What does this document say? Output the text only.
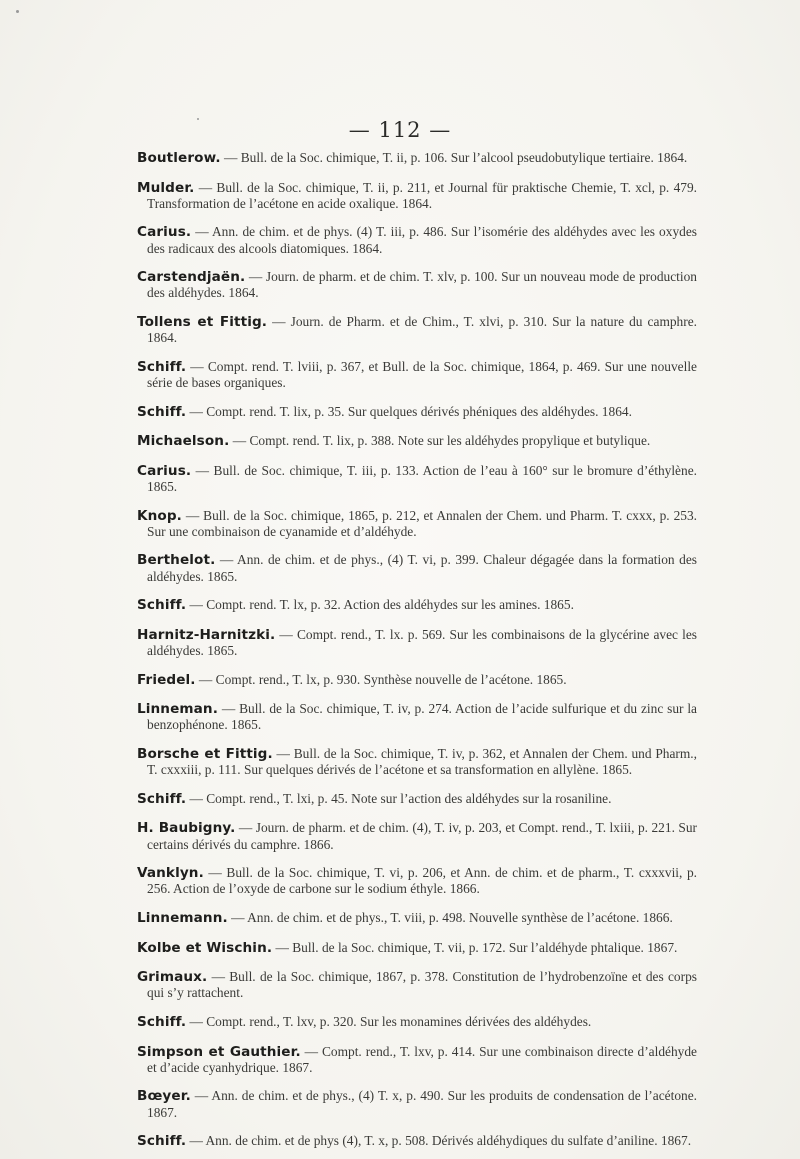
— 112 —

Boutlerow. — Bull. de la Soc. chimique, T. ii, p. 106. Sur l’alcool pseudobutylique tertiaire. 1864.

Mulder. — Bull. de la Soc. chimique, T. ii, p. 211, et Journal für praktische Chemie, T. xcl, p. 479. Transformation de l’acétone en acide oxalique. 1864.

Carius. — Ann. de chim. et de phys. (4) T. iii, p. 486. Sur l’isomérie des aldéhydes avec les oxydes des radicaux des alcools diatomiques. 1864.

Carstendjaën. — Journ. de pharm. et de chim. T. xlv, p. 100. Sur un nouveau mode de production des aldéhydes. 1864.

Tollens et Fittig. — Journ. de Pharm. et de Chim., T. xlvi, p. 310. Sur la nature du camphre. 1864.

Schiff. — Compt. rend. T. lviii, p. 367, et Bull. de la Soc. chimique, 1864, p. 469. Sur une nouvelle série de bases organiques.

Schiff. — Compt. rend. T. lix, p. 35. Sur quelques dérivés phéniques des aldéhydes. 1864.

Michaelson. — Compt. rend. T. lix, p. 388. Note sur les aldéhydes propylique et butylique.

Carius. — Bull. de Soc. chimique, T. iii, p. 133. Action de l’eau à 160° sur le bromure d’éthylène. 1865.

Knop. — Bull. de la Soc. chimique, 1865, p. 212, et Annalen der Chem. und Pharm. T. cxxx, p. 253. Sur une combinaison de cyanamide et d’aldéhyde.

Berthelot. — Ann. de chim. et de phys., (4) T. vi, p. 399. Chaleur dégagée dans la formation des aldéhydes. 1865.

Schiff. — Compt. rend. T. lx, p. 32. Action des aldéhydes sur les amines. 1865.

Harnitz-Harnitzki. — Compt. rend., T. lx. p. 569. Sur les combinaisons de la glycérine avec les aldéhydes. 1865.

Friedel. — Compt. rend., T. lx, p. 930. Synthèse nouvelle de l’acétone. 1865.

Linneman. — Bull. de la Soc. chimique, T. iv, p. 274. Action de l’acide sulfurique et du zinc sur la benzophénone. 1865.

Borsche et Fittig. — Bull. de la Soc. chimique, T. iv, p. 362, et Annalen der Chem. und Pharm., T. cxxxiii, p. 111. Sur quelques dérivés de l’acétone et sa transformation en allylène. 1865.

Schiff. — Compt. rend., T. lxi, p. 45. Note sur l’action des aldéhydes sur la rosaniline.

H. Baubigny. — Journ. de pharm. et de chim. (4), T. iv, p. 203, et Compt. rend., T. lxiii, p. 221. Sur certains dérivés du camphre. 1866.

Vanklyn. — Bull. de la Soc. chimique, T. vi, p. 206, et Ann. de chim. et de pharm., T. cxxxvii, p. 256. Action de l’oxyde de carbone sur le sodium éthyle. 1866.

Linnemann. — Ann. de chim. et de phys., T. viii, p. 498. Nouvelle synthèse de l’acétone. 1866.

Kolbe et Wischin. — Bull. de la Soc. chimique, T. vii, p. 172. Sur l’aldéhyde phtalique. 1867.

Grimaux. — Bull. de la Soc. chimique, 1867, p. 378. Constitution de l’hydrobenzoïne et des corps qui s’y rattachent.

Schiff. — Compt. rend., T. lxv, p. 320. Sur les monamines dérivées des aldéhydes.

Simpson et Gauthier. — Compt. rend., T. lxv, p. 414. Sur une combinaison directe d’aldéhyde et d’acide cyanhydrique. 1867.

Bœyer. — Ann. de chim. et de phys., (4) T. x, p. 490. Sur les produits de condensation de l’acétone. 1867.

Schiff. — Ann. de chim. et de phys (4), T. x, p. 508. Dérivés aldéhydiques du sulfate d’aniline. 1867.
